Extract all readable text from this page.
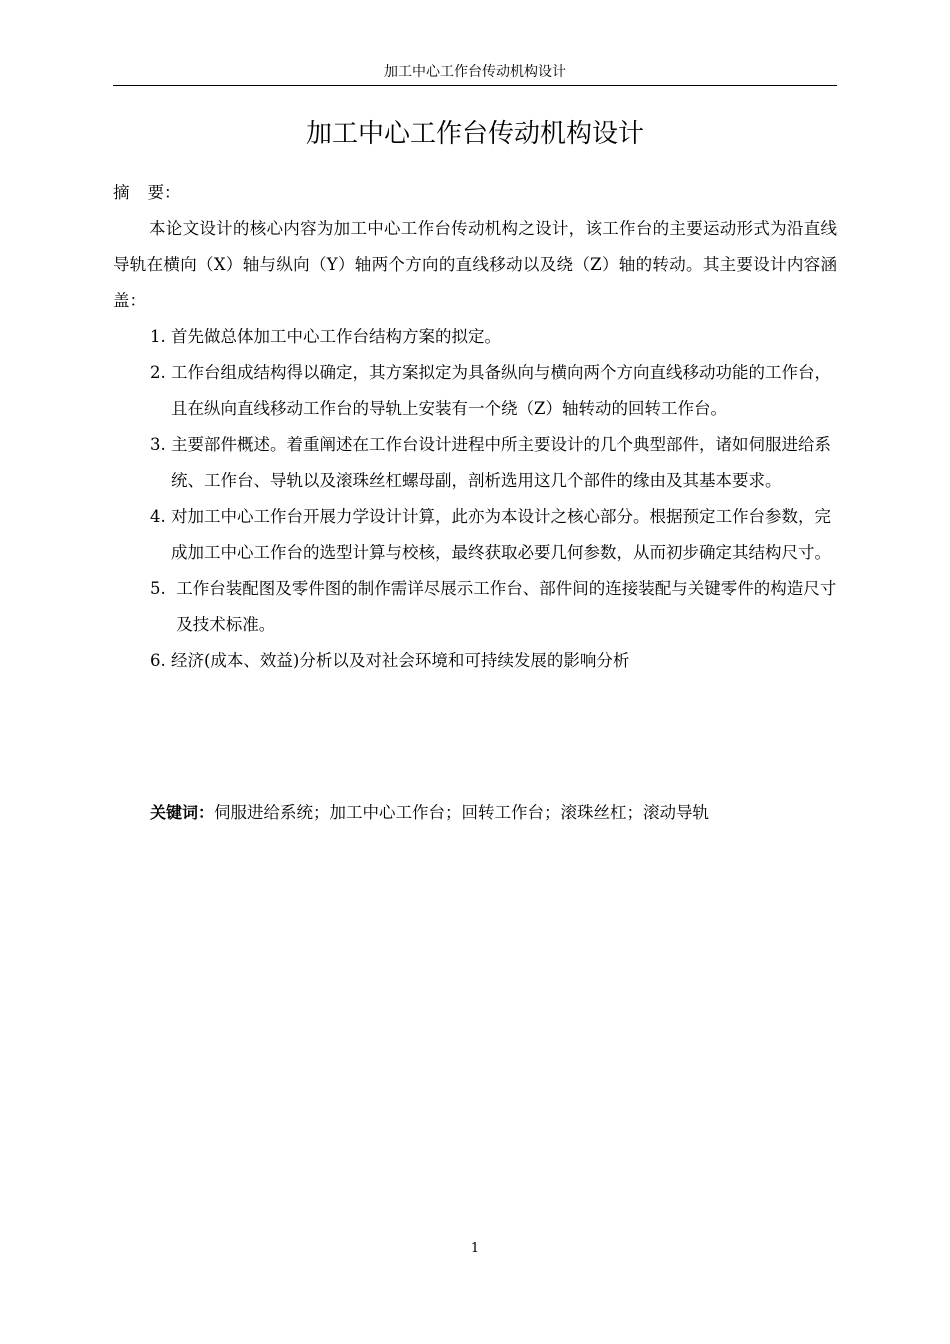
加工中心工作台传动机构设计
加工中心工作台传动机构设计
摘 要：

本论文设计的核心内容为加工中心工作台传动机构之设计，该工作台的主要运动形式为沿直线导轨在横向（X）轴与纵向（Y）轴两个方向的直线移动以及绕（Z）轴的转动。其主要设计内容涵盖：

1. 首先做总体加工中心工作台结构方案的拟定。
2. 工作台组成结构得以确定，其方案拟定为具备纵向与横向两个方向直线移动功能的工作台，且在纵向直线移动工作台的导轨上安装有一个绕（Z）轴转动的回转工作台。
3. 主要部件概述。着重阐述在工作台设计进程中所主要设计的几个典型部件，诸如伺服进给系统、工作台、导轨以及滚珠丝杠螺母副，剖析选用这几个部件的缘由及其基本要求。
4. 对加工中心工作台开展力学设计计算，此亦为本设计之核心部分。根据预定工作台参数，完成加工中心工作台的选型计算与校核，最终获取必要几何参数，从而初步确定其结构尺寸。
5. 工作台装配图及零件图的制作需详尽展示工作台、部件间的连接装配与关键零件的构造尺寸及技术标准。
6. 经济(成本、效益)分析以及对社会环境和可持续发展的影响分析
关键词：伺服进给系统；加工中心工作台；回转工作台；滚珠丝杠；滚动导轨
1
